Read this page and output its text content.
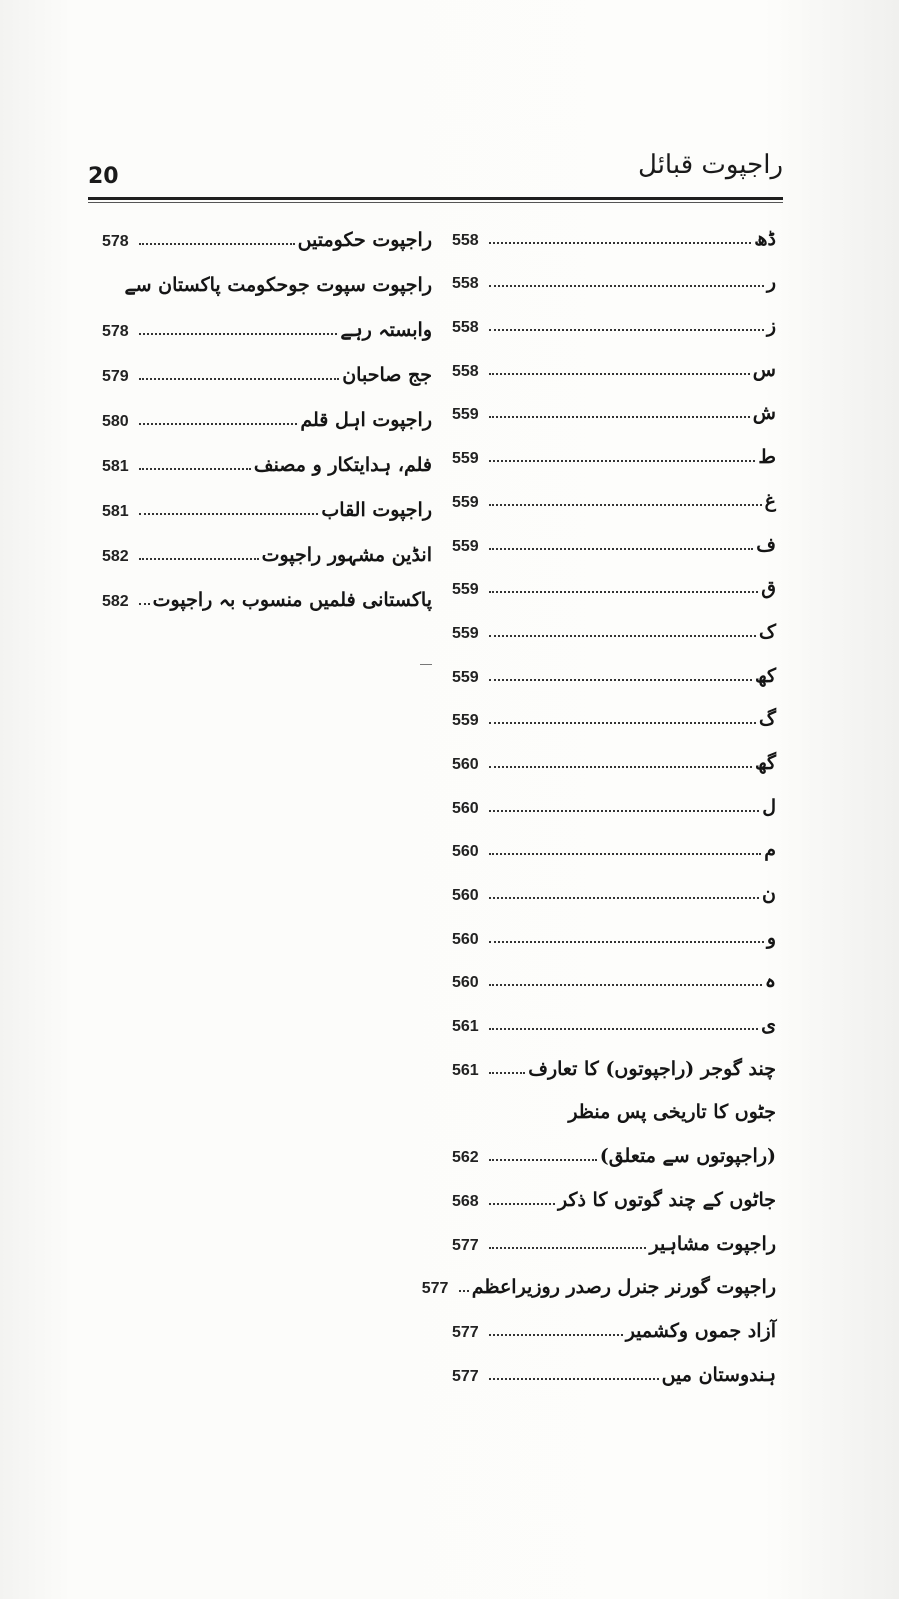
20	راجپوت قبائل
ڈھ
558
ر
558
ز
558
س
558
ش
559
ط
559
غ
559
ف
559
ق
559
ک
559
کھ
559
گ
559
گھ
560
ل
560
م
560
ن
560
و
560
ہ
560
ی
561
چند گوجر (راجپوتوں) کا تعارف
561
جٹوں کا تاریخی پس منظر
(راجپوتوں سے متعلق)
562
جاٹوں کے چند گوتوں کا ذکر
568
راجپوت مشاہیر
577
راجپوت گورنر جنرل رصدر روزیراعظم
577
آزاد جموں وکشمیر
577
ہندوستان میں
577
راجپوت حکومتیں
578
راجپوت سپوت جوحکومت پاکستان سے
وابستہ رہے
578
جج صاحبان
579
راجپوت اہل قلم
580
فلم، ہدایتکار و مصنف
581
راجپوت القاب
581
انڈین مشہور راجپوت
582
پاکستانی فلمیں منسوب بہ راجپوت
582
